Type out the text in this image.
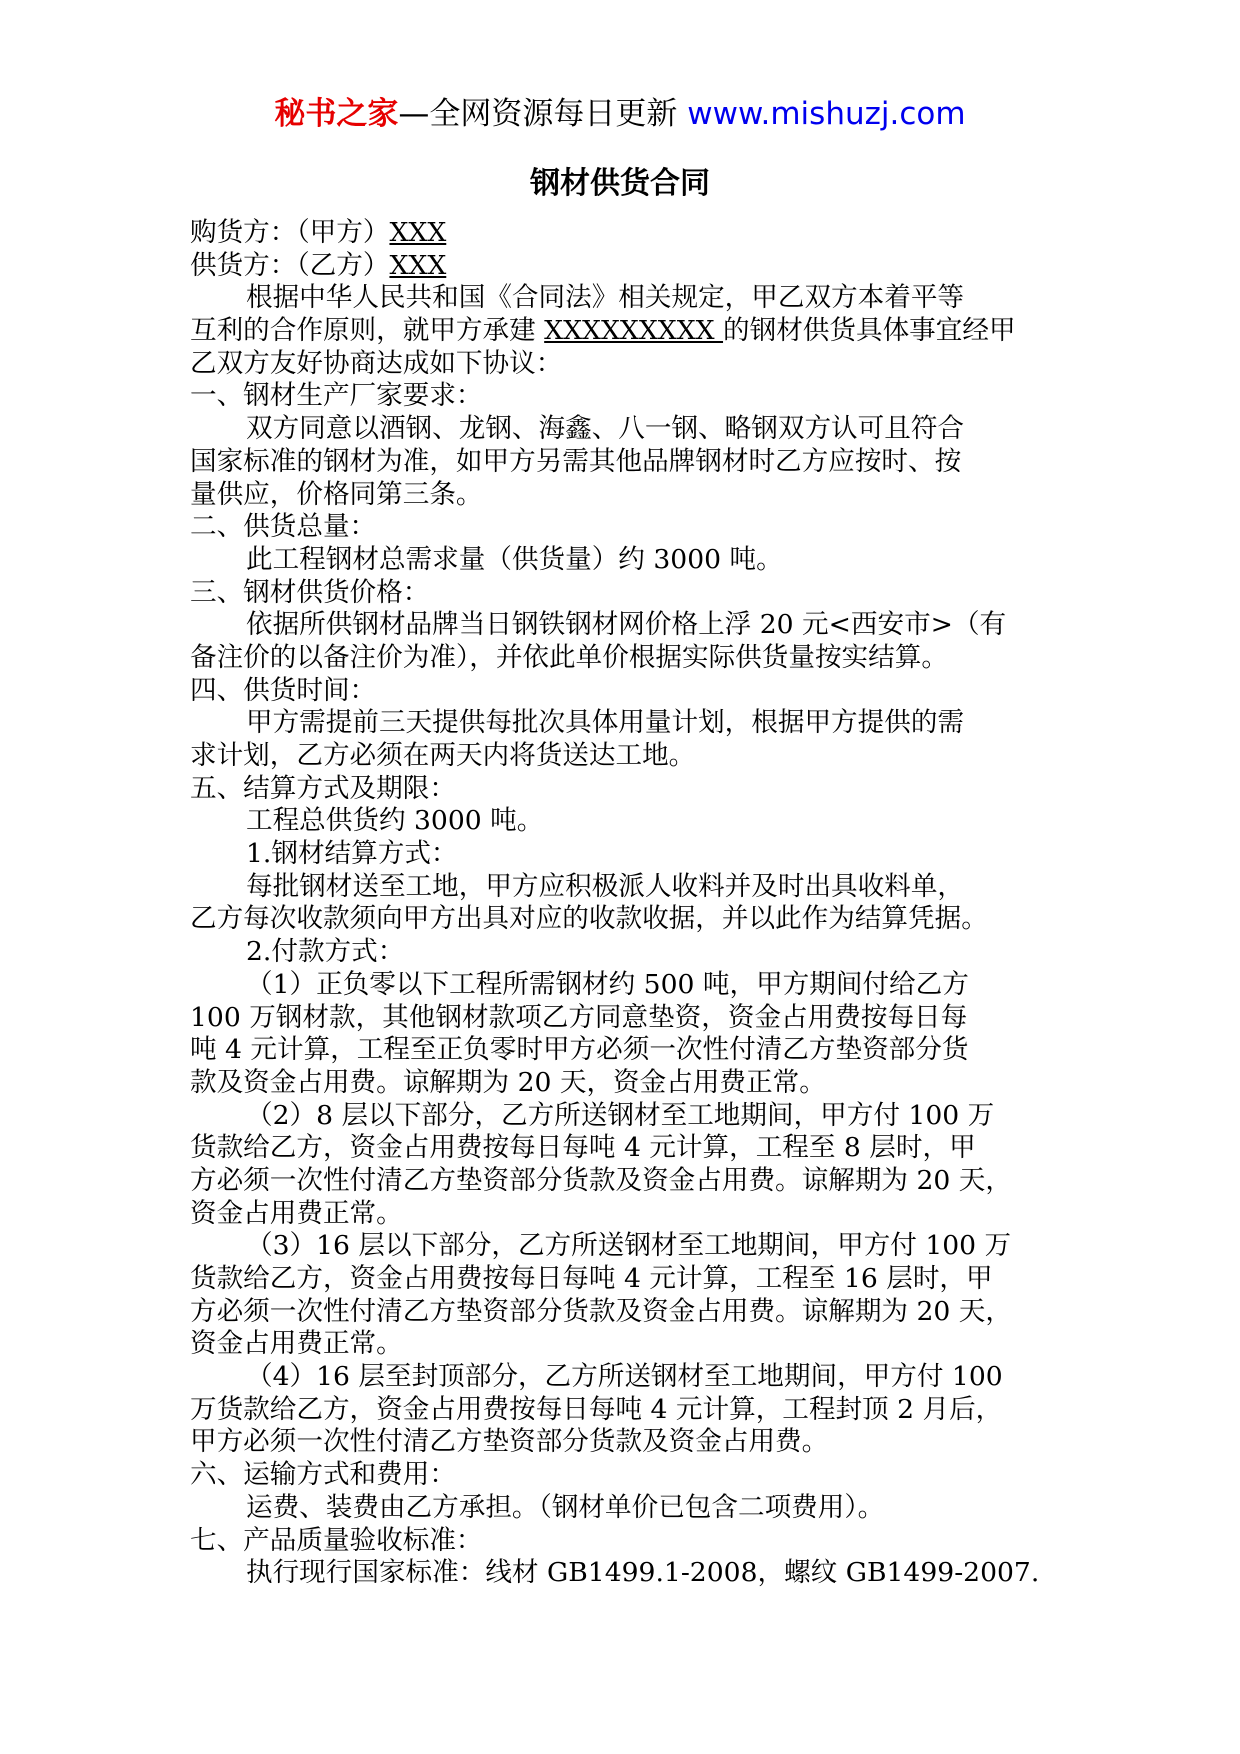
秘书之家—全网资源每日更新 www.mishuzj.com
钢材供货合同
购货方：（甲方）XXX
供货方：（乙方）XXX
根据中华人民共和国《合同法》相关规定，甲乙双方本着平等
互利的合作原则，就甲方承建 XXXXXXXXX 的钢材供货具体事宜经甲
乙双方友好协商达成如下协议：
一、钢材生产厂家要求：
双方同意以酒钢、龙钢、海鑫、八一钢、略钢双方认可且符合
国家标准的钢材为准，如甲方另需其他品牌钢材时乙方应按时、按
量供应，价格同第三条。
二、供货总量：
此工程钢材总需求量（供货量）约 3000 吨。
三、钢材供货价格：
依据所供钢材品牌当日钢铁钢材网价格上浮 20 元<西安市>（有
备注价的以备注价为准），并依此单价根据实际供货量按实结算。
四、供货时间：
甲方需提前三天提供每批次具体用量计划，根据甲方提供的需
求计划，乙方必须在两天内将货送达工地。
五、结算方式及期限：
工程总供货约 3000 吨。
1.钢材结算方式：
每批钢材送至工地，甲方应积极派人收料并及时出具收料单，
乙方每次收款须向甲方出具对应的收款收据，并以此作为结算凭据。
2.付款方式：
（1）正负零以下工程所需钢材约 500 吨，甲方期间付给乙方
100 万钢材款，其他钢材款项乙方同意垫资，资金占用费按每日每
吨 4 元计算，工程至正负零时甲方必须一次性付清乙方垫资部分货
款及资金占用费。谅解期为 20 天，资金占用费正常。
（2）8 层以下部分，乙方所送钢材至工地期间，甲方付 100 万
货款给乙方，资金占用费按每日每吨 4 元计算，工程至 8 层时，甲
方必须一次性付清乙方垫资部分货款及资金占用费。谅解期为 20 天，
资金占用费正常。
（3）16 层以下部分，乙方所送钢材至工地期间，甲方付 100 万
货款给乙方，资金占用费按每日每吨 4 元计算，工程至 16 层时，甲
方必须一次性付清乙方垫资部分货款及资金占用费。谅解期为 20 天，
资金占用费正常。
（4）16 层至封顶部分，乙方所送钢材至工地期间，甲方付 100
万货款给乙方，资金占用费按每日每吨 4 元计算，工程封顶 2 月后，
甲方必须一次性付清乙方垫资部分货款及资金占用费。
六、运输方式和费用：
运费、装费由乙方承担。（钢材单价已包含二项费用）。
七、产品质量验收标准：
执行现行国家标准：线材 GB1499.1-2008，螺纹 GB1499-2007.
